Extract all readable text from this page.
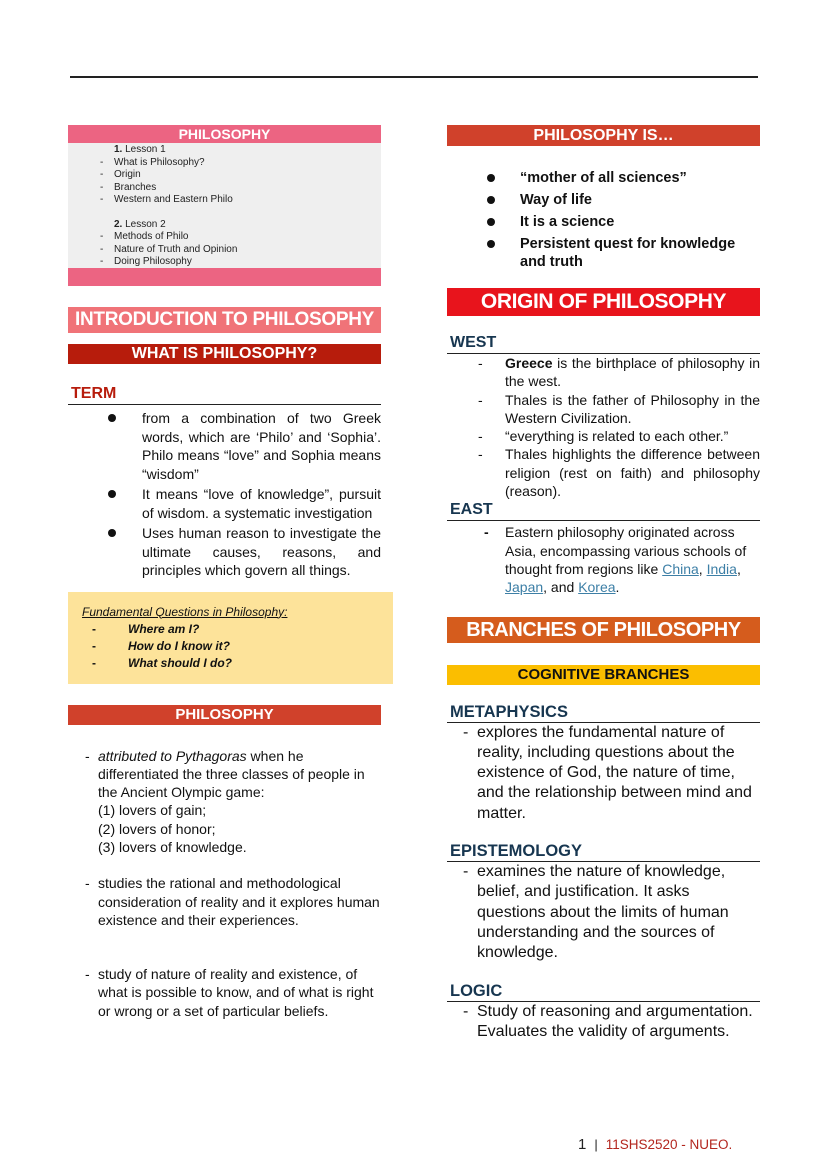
PHILOSOPHY
1. Lesson 1
- What is Philosophy?
- Origin
- Branches
- Western and Eastern Philo
2. Lesson 2
- Methods of Philo
- Nature of Truth and Opinion
- Doing Philosophy
INTRODUCTION TO PHILOSOPHY
WHAT IS PHILOSOPHY?
TERM
from a combination of two Greek words, which are ‘Philo’ and ‘Sophia’. Philo means “love” and Sophia means “wisdom”
It means “love of knowledge”, pursuit of wisdom. a systematic investigation
Uses human reason to investigate the ultimate causes, reasons, and principles which govern all things.
Fundamental Questions in Philosophy:
-	Where am I?
-	How do I know it?
-	What should I do?
PHILOSOPHY
- attributed to Pythagoras when he differentiated the three classes of people in the Ancient Olympic game:
(1) lovers of gain;
(2) lovers of honor;
(3) lovers of knowledge.
- studies the rational and methodological consideration of reality and it explores human existence and their experiences.
- study of nature of reality and existence, of what is possible to know, and of what is right or wrong or a set of particular beliefs.
PHILOSOPHY IS…
“mother of all sciences”
Way of life
It is a science
Persistent quest for knowledge and truth
ORIGIN OF PHILOSOPHY
WEST
- Greece is the birthplace of philosophy in the west.
- Thales is the father of Philosophy in the Western Civilization.
- “everything is related to each other.”
- Thales highlights the difference between religion (rest on faith) and philosophy (reason).
EAST
- Eastern philosophy originated across Asia, encompassing various schools of thought from regions like China, India, Japan, and Korea.
BRANCHES OF PHILOSOPHY
COGNITIVE BRANCHES
METAPHYSICS
- explores the fundamental nature of reality, including questions about the existence of God, the nature of time, and the relationship between mind and matter.
EPISTEMOLOGY
- examines the nature of knowledge, belief, and justification. It asks questions about the limits of human understanding and the sources of knowledge.
LOGIC
- Study of reasoning and argumentation. Evaluates the validity of arguments.
1 | 11SHS2520 - NUEO.
